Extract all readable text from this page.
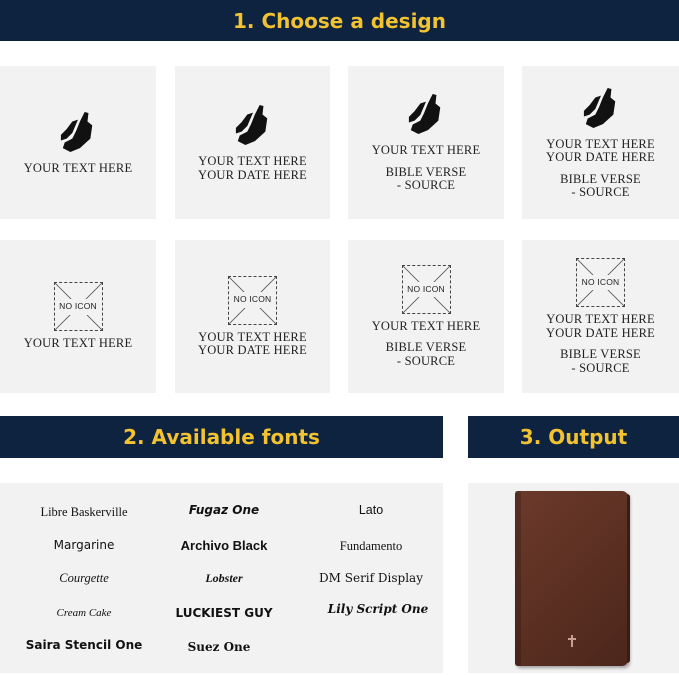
1. Choose a design
2. Available fonts	3. Output
YOUR TEXT HERE	YOUR TEXT HERE
YOUR DATE HERE
YOUR TEXT HERE
BIBLE VERSE
- SOURCE
YOUR TEXT HERE
YOUR DATE HERE
BIBLE VERSE
- SOURCE
NO ICON
YOUR TEXT HERE
NO ICON
YOUR TEXT HERE
YOUR DATE HERE
NO ICON
YOUR TEXT HERE
BIBLE VERSE
- SOURCE
NO ICON
YOUR TEXT HERE
YOUR DATE HERE
BIBLE VERSE
- SOURCE
Libre Baskerville	Fugaz One	Lato
Margarine	Archivo Black	Fundamento
Courgette	Lobster	DM Serif Display
Cream Cake	LUCKIEST GUY	Lily Script One
Saira Stencil One	Suez One
